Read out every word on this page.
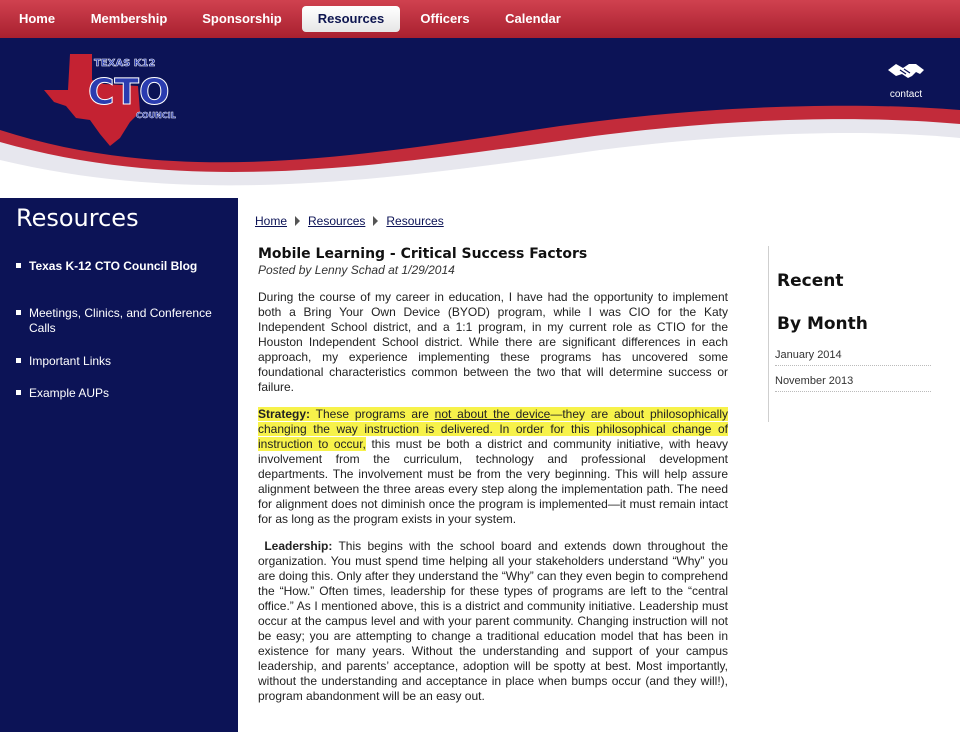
Home	Membership	Sponsorship	Resources	Officers	Calendar
TEXAS K12
CTO
COUNCIL
contact
Resources
Texas K-12 CTO Council Blog
Meetings, Clinics, and Conference Calls
Important Links
Example AUPs
Home Resources Resources
Mobile Learning - Critical Success Factors
Posted by Lenny Schad at 1/29/2014

During the course of my career in education, I have had the opportunity to implement both a Bring Your Own Device (BYOD) program, while I was CIO for the Katy Independent School district, and a 1:1 program, in my current role as CTIO for the Houston Independent School district. While there are significant differences in each approach, my experience implementing these programs has uncovered some foundational characteristics common between the two that will determine success or failure.

Strategy: These programs are not about the device—they are about philosophically changing the way instruction is delivered. In order for this philosophical change of instruction to occur, this must be both a district and community initiative, with heavy involvement from the curriculum, technology and professional development departments. The involvement must be from the very beginning. This will help assure alignment between the three areas every step along the implementation path. The need for alignment does not diminish once the program is implemented—it must remain intact for as long as the program exists in your system.

Leadership: This begins with the school board and extends down throughout the organization. You must spend time helping all your stakeholders understand “Why” you are doing this. Only after they understand the “Why” can they even begin to comprehend the “How.” Often times, leadership for these types of programs are left to the “central office.” As I mentioned above, this is a district and community initiative. Leadership must occur at the campus level and with your parent community. Changing instruction will not be easy; you are attempting to change a traditional education model that has been in existence for many years. Without the understanding and support of your campus leadership, and parents’ acceptance, adoption will be spotty at best. Most importantly, without the understanding and acceptance in place when bumps occur (and they will!), program abandonment will be an easy out.

Recent
By Month
January 2014
November 2013
